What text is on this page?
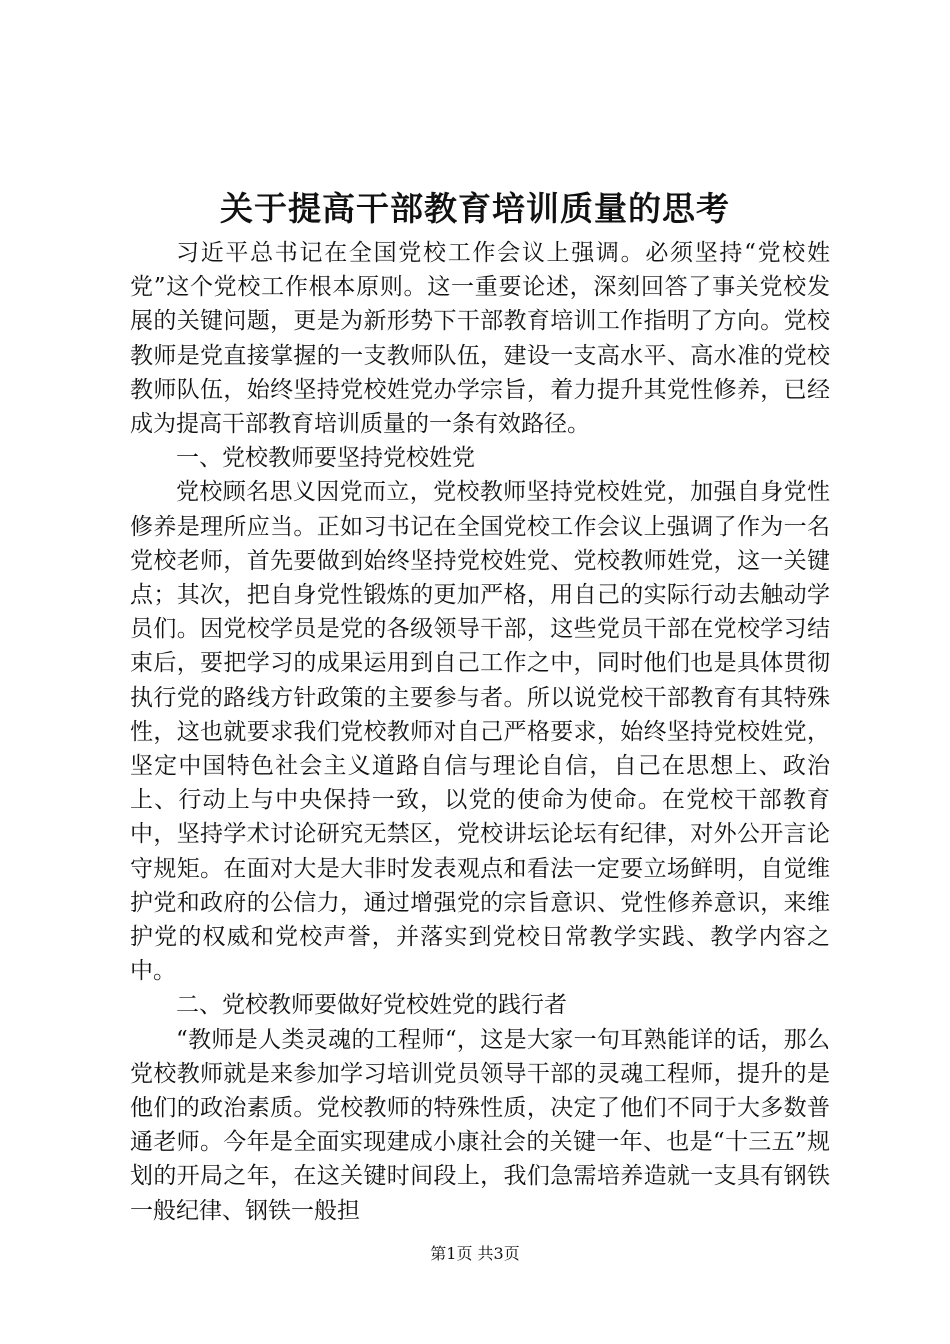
关于提高干部教育培训质量的思考

习近平总书记在全国党校工作会议上强调。必须坚持“党校姓党”这个党校工作根本原则。这一重要论述，深刻回答了事关党校发展的关键问题，更是为新形势下干部教育培训工作指明了方向。党校教师是党直接掌握的一支教师队伍，建设一支高水平、高水准的党校教师队伍，始终坚持党校姓党办学宗旨，着力提升其党性修养，已经成为提高干部教育培训质量的一条有效路径。

一、党校教师要坚持党校姓党

党校顾名思义因党而立，党校教师坚持党校姓党，加强自身党性修养是理所应当。正如习书记在全国党校工作会议上强调了作为一名党校老师，首先要做到始终坚持党校姓党、党校教师姓党，这一关键点；其次，把自身党性锻炼的更加严格，用自己的实际行动去触动学员们。因党校学员是党的各级领导干部，这些党员干部在党校学习结束后，要把学习的成果运用到自己工作之中，同时他们也是具体贯彻执行党的路线方针政策的主要参与者。所以说党校干部教育有其特殊性，这也就要求我们党校教师对自己严格要求，始终坚持党校姓党，坚定中国特色社会主义道路自信与理论自信，自己在思想上、政治上、行动上与中央保持一致，以党的使命为使命。在党校干部教育中，坚持学术讨论研究无禁区，党校讲坛论坛有纪律，对外公开言论守规矩。在面对大是大非时发表观点和看法一定要立场鲜明，自觉维护党和政府的公信力，通过增强党的宗旨意识、党性修养意识，来维护党的权威和党校声誉，并落实到党校日常教学实践、教学内容之中。

二、党校教师要做好党校姓党的践行者

“教师是人类灵魂的工程师“，这是大家一句耳熟能详的话，那么党校教师就是来参加学习培训党员领导干部的灵魂工程师，提升的是他们的政治素质。党校教师的特殊性质，决定了他们不同于大多数普通老师。今年是全面实现建成小康社会的关键一年、也是“十三五”规划的开局之年，在这关键时间段上，我们急需培养造就一支具有钢铁一般纪律、钢铁一般担

第1页 共3页
